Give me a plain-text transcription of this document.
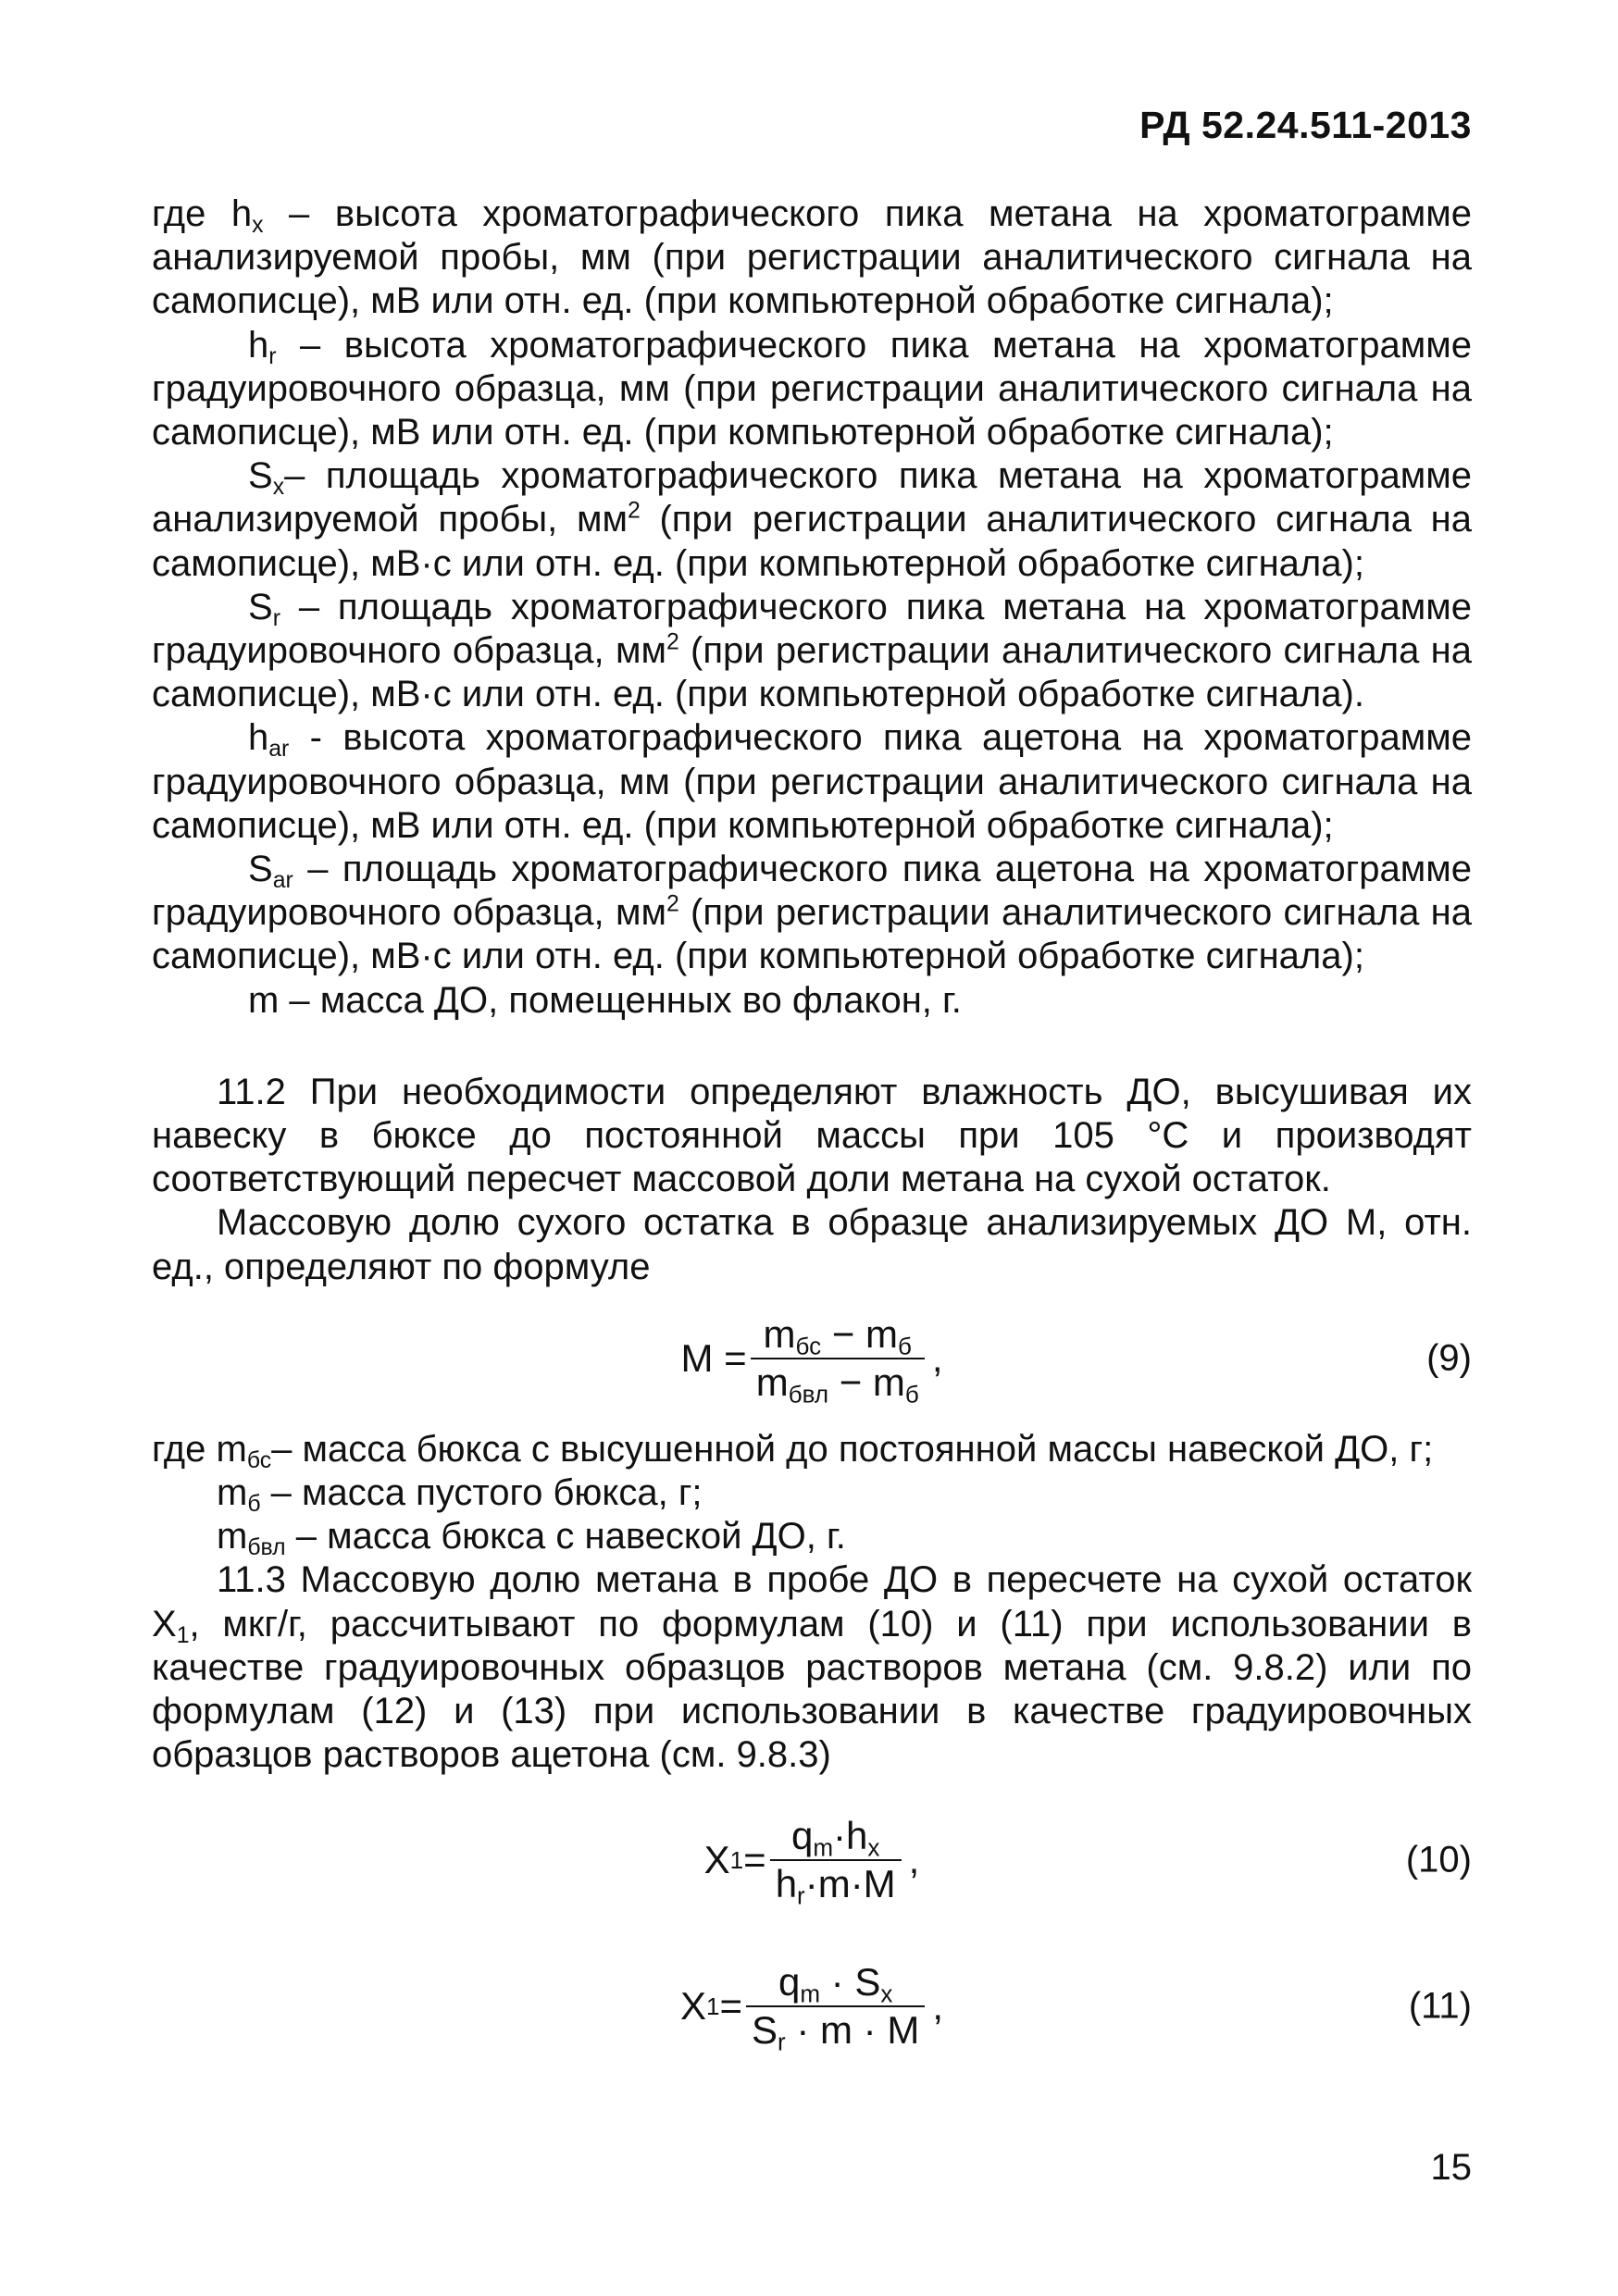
РД 52.24.511-2013

где $h_x$ – высота хроматографического пика метана на хроматограмме анализируемой пробы, мм (при регистрации аналитического сигнала на самописце), мВ или отн. ед. (при компьютерной обработке сигнала);

$h_r$ – высота хроматографического пика метана на хроматограмме градуировочного образца, мм (при регистрации аналитического сигнала на самописце), мВ или отн. ед. (при компьютерной обработке сигнала);

$S_x-$ площадь хроматографического пика метана на хроматограмме анализируемой пробы, $мм^2$ (при регистрации аналитического сигнала на самописце), мВ·с или отн. ед. (при компьютерной обработке сигнала);

$S_r$ – площадь хроматографического пика метана на хроматограмме градуировочного образца, $мм^2$ (при регистрации аналитического сигнала на самописце), мВ·с или отн. ед. (при компьютерной обработке сигнала).

$h_{ar}$ - высота хроматографического пика ацетона на хроматограмме градуировочного образца, мм (при регистрации аналитического сигнала на самописце), мВ или отн. ед. (при компьютерной обработке сигнала);

$S_{ar}$ – площадь хроматографического пика ацетона на хроматограмме градуировочного образца, $мм^2$ (при регистрации аналитического сигнала на самописце), мВ·с или отн. ед. (при компьютерной обработке сигнала);

m – масса ДО, помещенных во флакон, г.

11.2 При необходимости определяют влажность ДО, высушивая их навеску в бюксе до постоянной массы при 105 °С и производят соответствующий пересчет массовой доли метана на сухой остаток.

Массовую долю сухого остатка в образце анализируемых ДО М, отн. ед., определяют по формуле

$М = \frac{m_{бс} - m_б}{m_{бвл} - m_б}$ ,	(9)

где $m_{бс}-$ масса бюкса с высушенной до постоянной массы навеской ДО, г;

$m_б$ – масса пустого бюкса, г;

$m_{бвл}$ – масса бюкса с навеской ДО, г.

11.3 Массовую долю метана в пробе ДО в пересчете на сухой остаток $X_1$, мкг/г, рассчитывают по формулам (10) и (11) при использовании в качестве градуировочных образцов растворов метана (см. 9.8.2) или по формулам (12) и (13) при использовании в качестве градуировочных образцов растворов ацетона (см. 9.8.3)

X $1 = \frac{q_m\cdot h_x}{h_r\cdot m\cdot M}$ ,	(10)
X $1 = \frac{q_m \cdot S_x}{S_r \cdot m \cdot M}$ ,	(11)
15
